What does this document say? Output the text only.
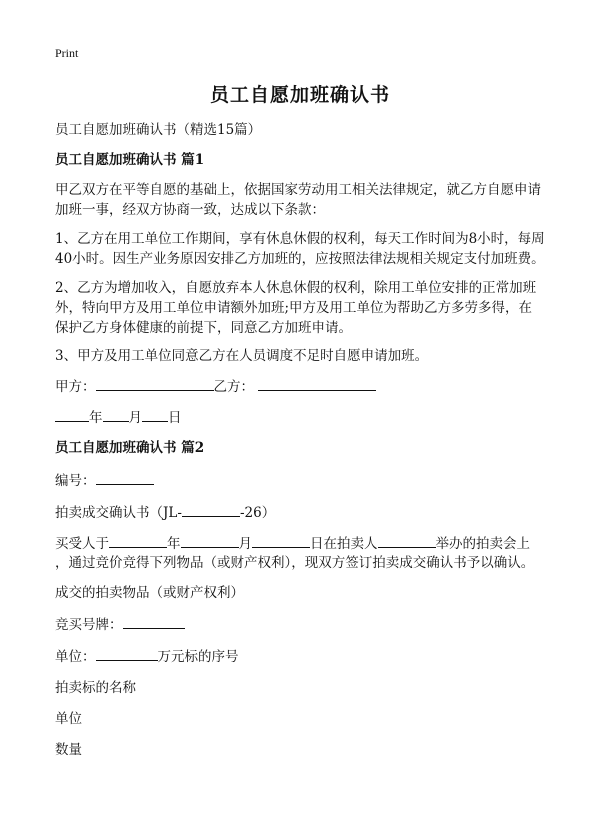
Print
员工自愿加班确认书
员工自愿加班确认书（精选15篇）
员工自愿加班确认书 篇1
甲乙双方在平等自愿的基础上，依据国家劳动用工相关法律规定，就乙方自愿申请
加班一事，经双方协商一致，达成以下条款：
1、乙方在用工单位工作期间，享有休息休假的权利，每天工作时间为8小时，每周
40小时。因生产业务原因安排乙方加班的，应按照法律法规相关规定支付加班费。
2、乙方为增加收入，自愿放弃本人休息休假的权利，除用工单位安排的正常加班
外，特向甲方及用工单位申请额外加班;甲方及用工单位为帮助乙方多劳多得，在
保护乙方身体健康的前提下，同意乙方加班申请。
3、甲方及用工单位同意乙方在人员调度不足时自愿申请加班。
甲方：	乙方：
年 月 日
员工自愿加班确认书 篇2
编号：
拍卖成交确认书（JL-	-26）
买受人于	年	月	日在拍卖人	举办的拍卖会上
，通过竞价竞得下列物品（或财产权利），现双方签订拍卖成交确认书予以确认。
成交的拍卖物品（或财产权利）
竞买号牌：
单位：	万元标的序号
拍卖标的名称
单位
数量
